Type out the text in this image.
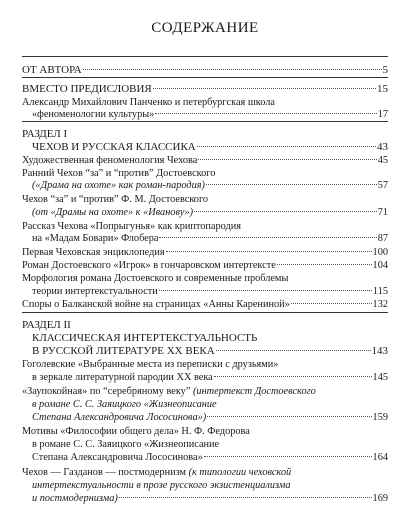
СОДЕРЖАНИЕ
ОТ АВТОРА	5
ВМЕСТО ПРЕДИСЛОВИЯ	15
Александр Михайлович Панченко и петербургская школа
«феноменологии культуры»	17
РАЗДЕЛ I
ЧЕХОВ И РУССКАЯ КЛАССИКА	43
Художественная феноменология Чехова	45
Ранний Чехов “за” и “против” Достоевского
(«Драма на охоте» как роман-пародия)	57
Чехов “за” и “против” Ф. М. Достоевского
(от «Драмы на охоте» к «Иванову»)	71
Рассказ Чехова «Попрыгунья» как криптопародия
на «Мадам Бовари» Флобера	87
Первая Чеховская энциклопедия	100
Роман Достоевского «Игрок» в гончаровском интертексте	104
Морфология романа Достоевского и современные проблемы
теории интертекстуальности	115
Споры о Балканской войне на страницах «Анны Карениной»	132
РАЗДЕЛ II
КЛАССИЧЕСКАЯ ИНТЕРТЕКСТУАЛЬНОСТЬ
В РУССКОЙ ЛИТЕРАТУРЕ XX ВЕКА	143
Гоголевские «Выбранные места из переписки с друзьями»
в зеркале литературной пародии XX века	145
«Заупокойная» по “серебряному веку” (интертекст Достоевского
в романе С. С. Заяицкого «Жизнеописание
Степана Александровича Лососинова»)	159
Мотивы «Философии общего дела» Н. Ф. Федорова
в романе С. С. Заяицкого «Жизнеописание
Степана Александровича Лососинова»	164
Чехов — Газданов — постмодернизм (к типологии чеховской
интертекстуальности в прозе русского экзистенциализма
и постмодернизма)	169
